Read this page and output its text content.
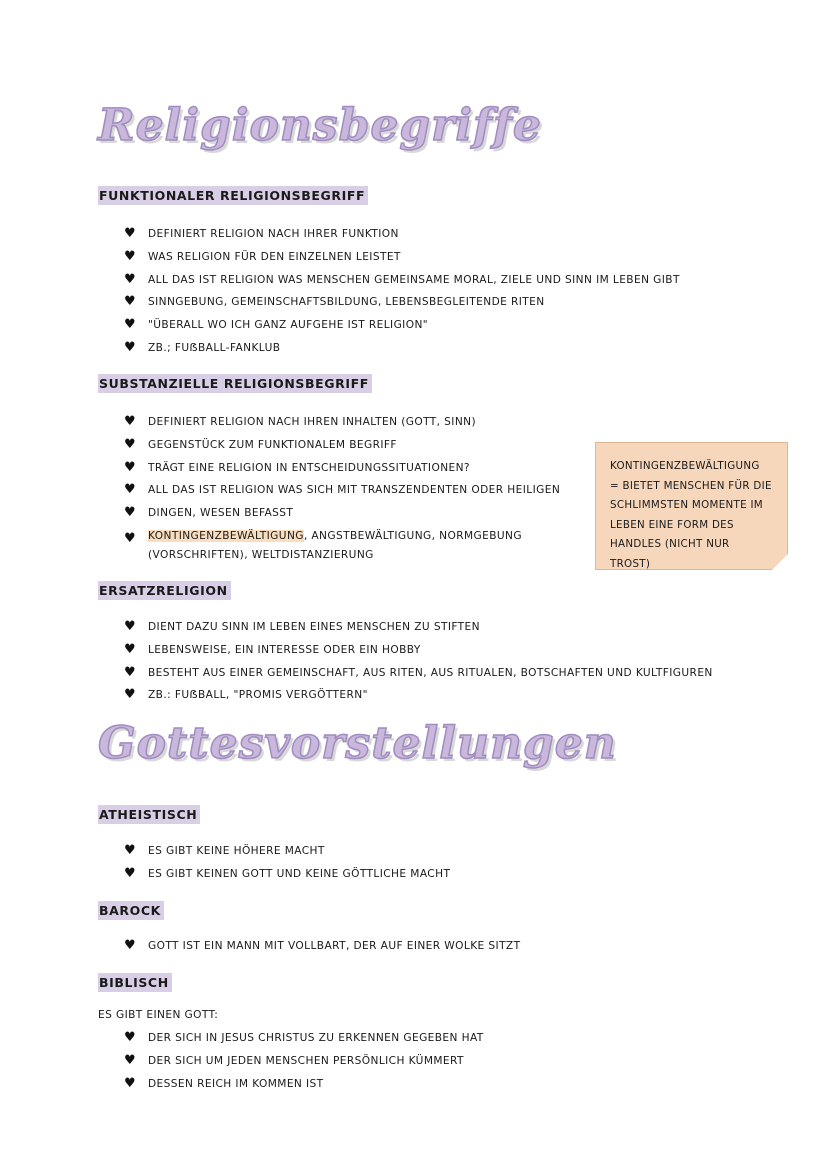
Religionsbegriffe
FUNKTIONALER RELIGIONSBEGRIFF
♥ DEFINIERT RELIGION NACH IHRER FUNKTION
♥ WAS RELIGION FÜR DEN EINZELNEN LEISTET
♥ ALL DAS IST RELIGION WAS MENSCHEN GEMEINSAME MORAL, ZIELE UND SINN IM LEBEN GIBT
♥ SINNGEBUNG, GEMEINSCHAFTSBILDUNG, LEBENSBEGLEITENDE RITEN
♥ "ÜBERALL WO ICH GANZ AUFGEHE IST RELIGION"
♥ ZB.; FUẞBALL-FANKLUB
SUBSTANZIELLE RELIGIONSBEGRIFF
♥ DEFINIERT RELIGION NACH IHREN INHALTEN (GOTT, SINN)
♥ GEGENSTÜCK ZUM FUNKTIONALEM BEGRIFF
♥ TRÄGT EINE RELIGION IN ENTSCHEIDUNGSSITUATIONEN?
♥ ALL DAS IST RELIGION WAS SICH MIT TRANSZENDENTEN ODER HEILIGEN
♥ DINGEN, WESEN BEFASST
♥ KONTINGENZBEWÄLTIGUNG, ANGSTBEWÄLTIGUNG, NORMGEBUNG
(VORSCHRIFTEN), WELTDISTANZIERUNG
KONTINGENZBEWÄLTIGUNG
= BIETET MENSCHEN FÜR DIE
SCHLIMMSTEN MOMENTE IM
LEBEN EINE FORM DES
HANDLES (NICHT NUR TROST)
ERSATZRELIGION
♥ DIENT DAZU SINN IM LEBEN EINES MENSCHEN ZU STIFTEN
♥ LEBENSWEISE, EIN INTERESSE ODER EIN HOBBY
♥ BESTEHT AUS EINER GEMEINSCHAFT, AUS RITEN, AUS RITUALEN, BOTSCHAFTEN UND KULTFIGUREN
♥ ZB.: FUẞBALL, "PROMIS VERGÖTTERN"
Gottesvorstellungen
ATHEISTISCH
♥ ES GIBT KEINE HÖHERE MACHT
♥ ES GIBT KEINEN GOTT UND KEINE GÖTTLICHE MACHT
BAROCK
♥ GOTT IST EIN MANN MIT VOLLBART, DER AUF EINER WOLKE SITZT
BIBLISCH
ES GIBT EINEN GOTT:
♥ DER SICH IN JESUS CHRISTUS ZU ERKENNEN GEGEBEN HAT
♥ DER SICH UM JEDEN MENSCHEN PERSÖNLICH KÜMMERT
♥ DESSEN REICH IM KOMMEN IST
